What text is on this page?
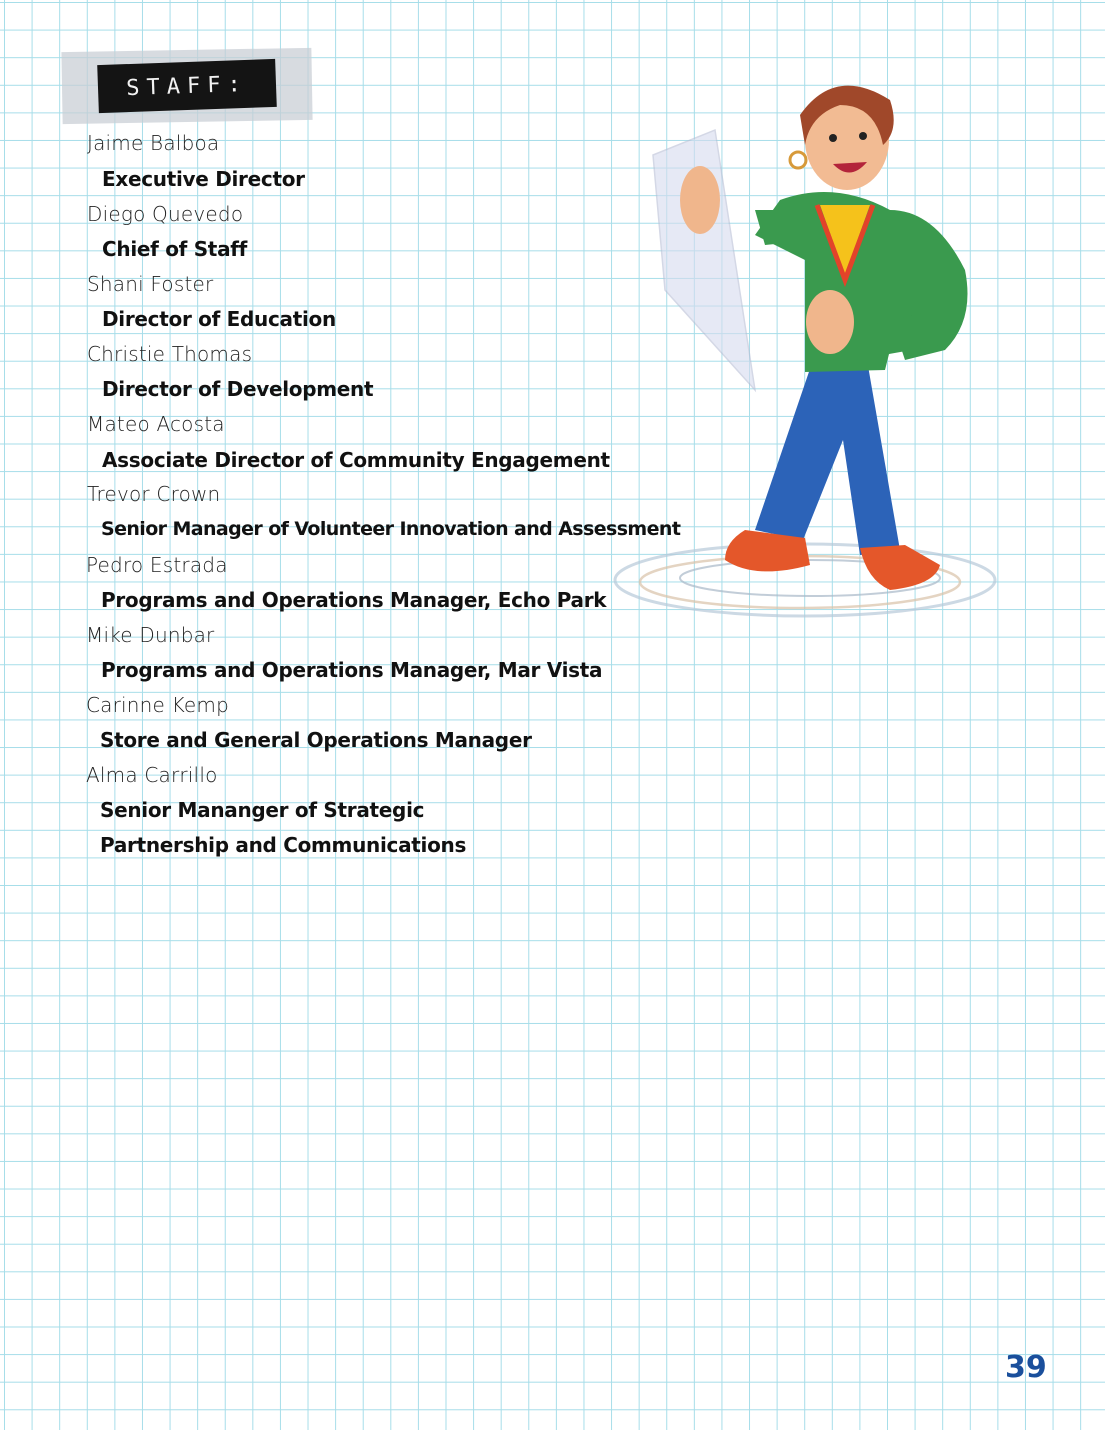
STAFF:
Jaime Balboa
Executive Director
Diego Quevedo
Chief of Staff
Shani Foster
Director of Education
Christie Thomas
Director of Development
Mateo Acosta
Associate Director of Community Engagement
Trevor Crown
Senior Manager of Volunteer Innovation and Assessment
Pedro Estrada
Programs and Operations Manager, Echo Park
Mike Dunbar
Programs and Operations Manager, Mar Vista
Carinne Kemp
Store and General Operations Manager
Alma Carrillo
Senior Mananger of Strategic
Partnership and Communications
39
